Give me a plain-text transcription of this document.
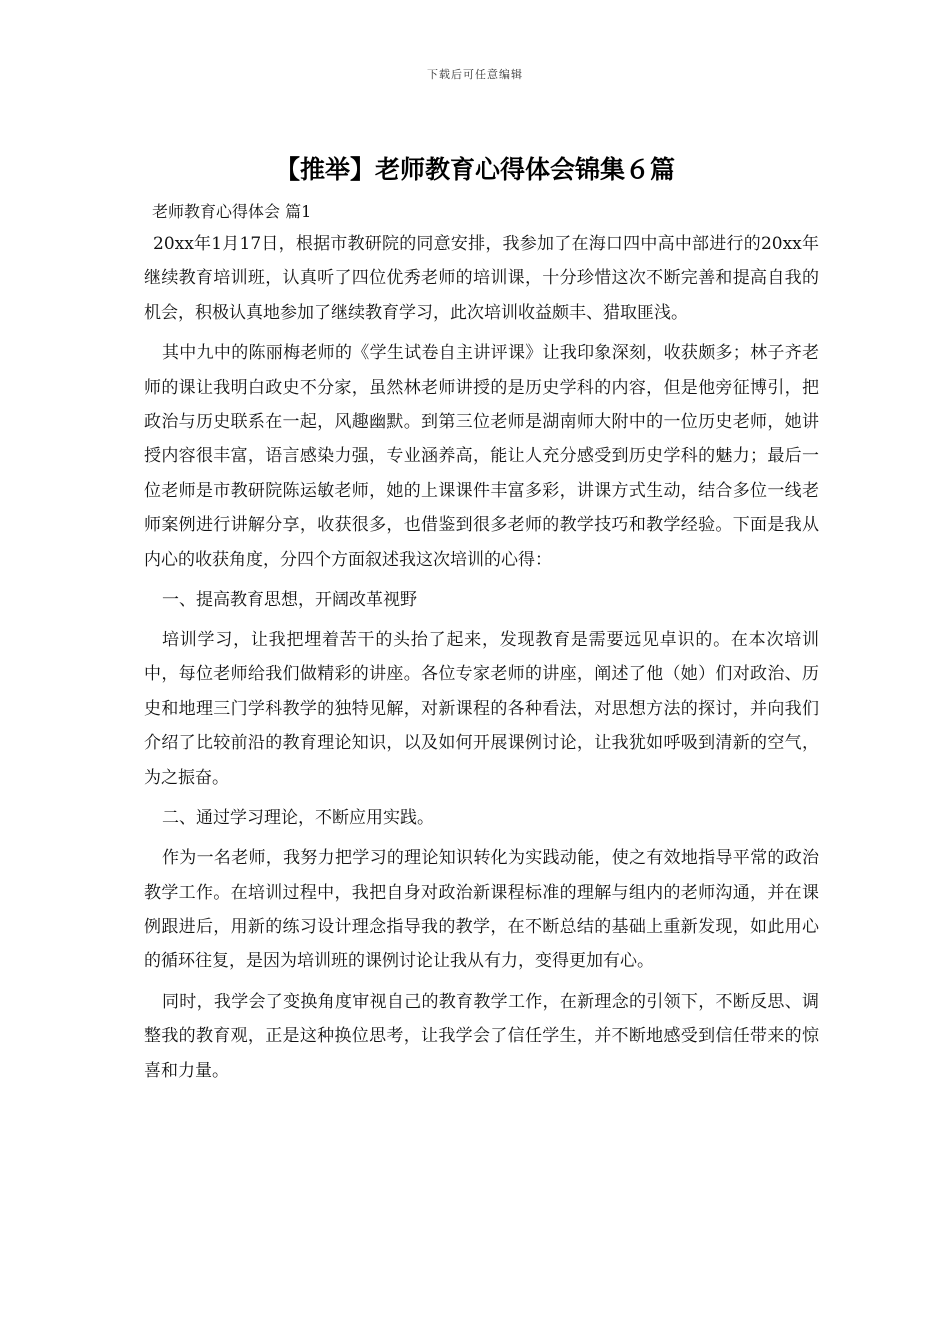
下载后可任意编辑
【推举】老师教育心得体会锦集６篇
老师教育心得体会 篇1

20xx年1月17日，根据市教研院的同意安排，我参加了在海口四中高中部进行的20xx年继续教育培训班，认真听了四位优秀老师的培训课，十分珍惜这次不断完善和提高自我的机会，积极认真地参加了继续教育学习，此次培训收益颇丰、猎取匪浅。

其中九中的陈丽梅老师的《学生试卷自主讲评课》让我印象深刻，收获颇多；林子齐老师的课让我明白政史不分家，虽然林老师讲授的是历史学科的内容，但是他旁征博引，把政治与历史联系在一起，风趣幽默。到第三位老师是湖南师大附中的一位历史老师，她讲授内容很丰富，语言感染力强，专业涵养高，能让人充分感受到历史学科的魅力；最后一位老师是市教研院陈运敏老师，她的上课课件丰富多彩，讲课方式生动，结合多位一线老师案例进行讲解分享，收获很多，也借鉴到很多老师的教学技巧和教学经验。下面是我从内心的收获角度，分四个方面叙述我这次培训的心得：

一、提高教育思想，开阔改革视野

培训学习，让我把埋着苦干的头抬了起来，发现教育是需要远见卓识的。在本次培训中，每位老师给我们做精彩的讲座。各位专家老师的讲座，阐述了他（她）们对政治、历史和地理三门学科教学的独特见解，对新课程的各种看法，对思想方法的探讨，并向我们介绍了比较前沿的教育理论知识，以及如何开展课例讨论，让我犹如呼吸到清新的空气，为之振奋。

二、通过学习理论，不断应用实践。

作为一名老师，我努力把学习的理论知识转化为实践动能，使之有效地指导平常的政治教学工作。在培训过程中，我把自身对政治新课程标准的理解与组内的老师沟通，并在课例跟进后，用新的练习设计理念指导我的教学，在不断总结的基础上重新发现，如此用心的循环往复，是因为培训班的课例讨论让我从有力，变得更加有心。

同时，我学会了变换角度审视自己的教育教学工作，在新理念的引领下，不断反思、调整我的教育观，正是这种换位思考，让我学会了信任学生，并不断地感受到信任带来的惊喜和力量。
